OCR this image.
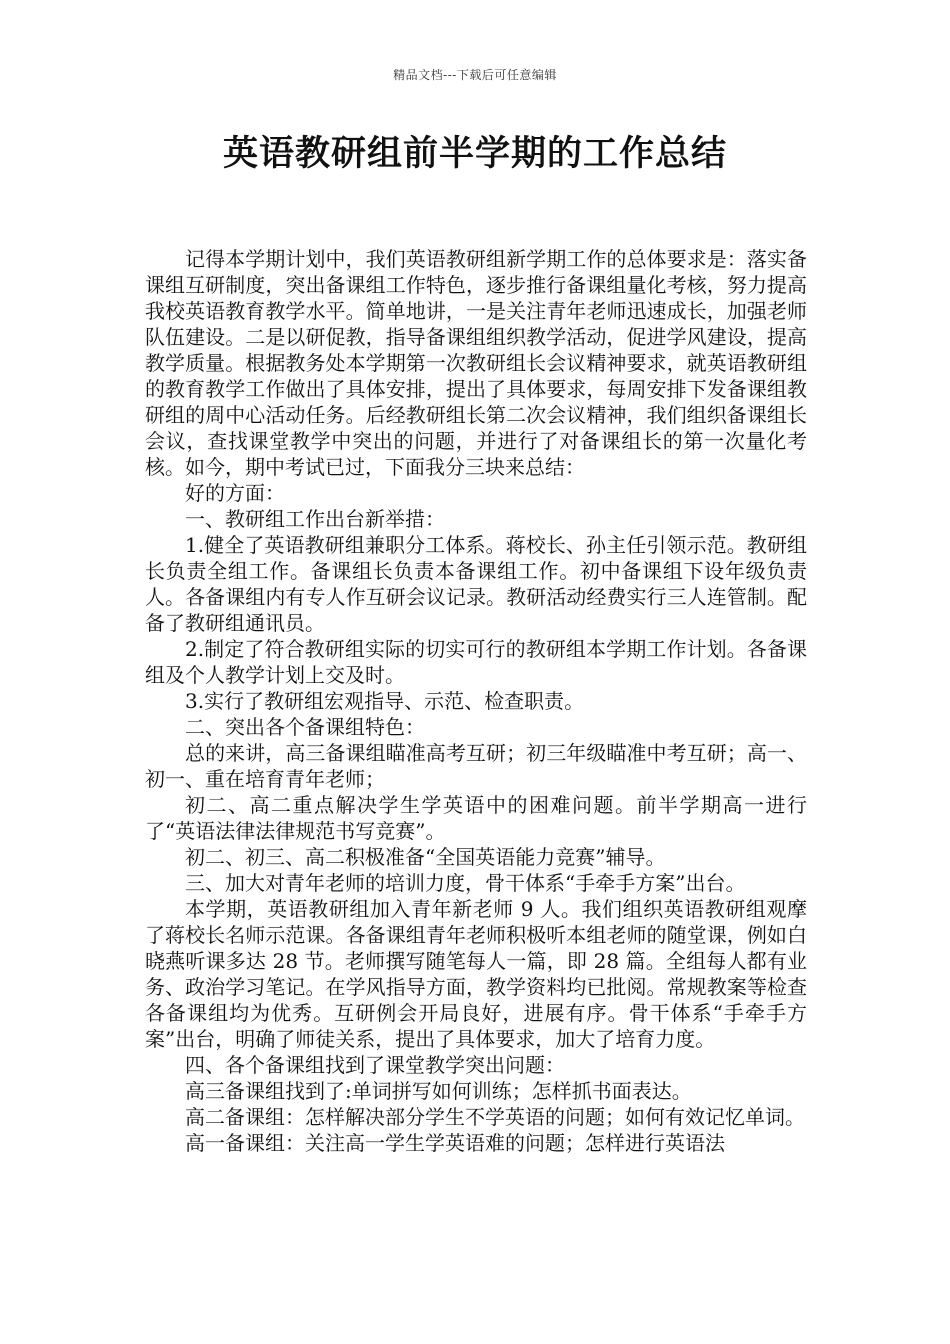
精品文档---下载后可任意编辑
英语教研组前半学期的工作总结

记得本学期计划中，我们英语教研组新学期工作的总体要求是：落实备课组互研制度，突出备课组工作特色，逐步推行备课组量化考核，努力提高我校英语教育教学水平。简单地讲，一是关注青年老师迅速成长，加强老师队伍建设。二是以研促教，指导备课组组织教学活动，促进学风建设，提高教学质量。根据教务处本学期第一次教研组长会议精神要求，就英语教研组的教育教学工作做出了具体安排，提出了具体要求，每周安排下发备课组教研组的周中心活动任务。后经教研组长第二次会议精神，我们组织备课组长会议，查找课堂教学中突出的问题，并进行了对备课组长的第一次量化考核。如今，期中考试已过，下面我分三块来总结：

好的方面：

一、教研组工作出台新举措：

1.健全了英语教研组兼职分工体系。蒋校长、孙主任引领示范。教研组长负责全组工作。备课组长负责本备课组工作。初中备课组下设年级负责人。各备课组内有专人作互研会议记录。教研活动经费实行三人连管制。配备了教研组通讯员。

2.制定了符合教研组实际的切实可行的教研组本学期工作计划。各备课组及个人教学计划上交及时。

3.实行了教研组宏观指导、示范、检查职责。

二、突出各个备课组特色：

总的来讲，高三备课组瞄准高考互研；初三年级瞄准中考互研；高一、初一、重在培育青年老师；

初二、高二重点解决学生学英语中的困难问题。前半学期高一进行了“英语法律法律规范书写竞赛”。

初二、初三、高二积极准备“全国英语能力竞赛”辅导。

三、加大对青年老师的培训力度，骨干体系“手牵手方案”出台。

本学期，英语教研组加入青年新老师 9 人。我们组织英语教研组观摩了蒋校长名师示范课。各备课组青年老师积极听本组老师的随堂课，例如白晓燕听课多达 28 节。老师撰写随笔每人一篇，即 28 篇。全组每人都有业务、政治学习笔记。在学风指导方面，教学资料均已批阅。常规教案等检查各备课组均为优秀。互研例会开局良好，进展有序。骨干体系“手牵手方案”出台，明确了师徒关系，提出了具体要求，加大了培育力度。

四、各个备课组找到了课堂教学突出问题：

高三备课组找到了:单词拼写如何训练；怎样抓书面表达。

高二备课组：怎样解决部分学生不学英语的问题；如何有效记忆单词。

高一备课组：关注高一学生学英语难的问题；怎样进行英语法
